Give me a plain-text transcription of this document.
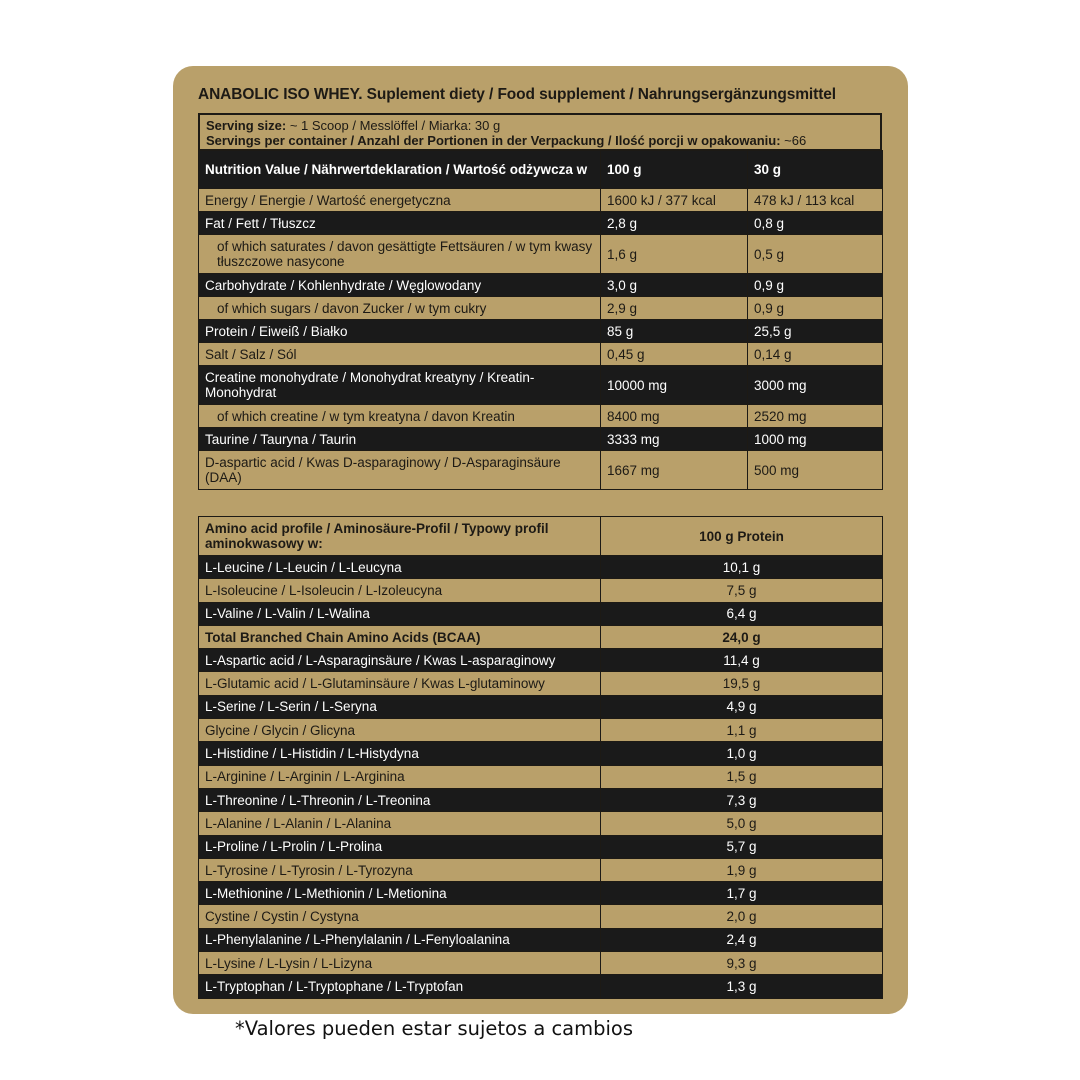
ANABOLIC ISO WHEY. Suplement diety / Food supplement / Nahrungsergänzungsmittel
Serving size: ~ 1 Scoop / Messlöffel / Miarka: 30 g
Servings per container / Anzahl der Portionen in der Verpackung / Ilość porcji w opakowaniu: ~66
Nutrition Value / Nährwertdeklaration / Wartość odżywcza w	100 g	30 g
Energy / Energie / Wartość energetyczna	1600 kJ / 377 kcal	478 kJ / 113 kcal
Fat / Fett / Tłuszcz	2,8 g	0,8 g
of which saturates / davon gesättigte Fettsäuren / w tym kwasy tłuszczowe nasycone	1,6 g	0,5 g
Carbohydrate / Kohlenhydrate / Węglowodany	3,0 g	0,9 g
of which sugars / davon Zucker / w tym cukry	2,9 g	0,9 g
Protein / Eiweiß / Białko	85 g	25,5 g
Salt / Salz / Sól	0,45 g	0,14 g
Creatine monohydrate / Monohydrat kreatyny / Kreatin-Monohydrat	10000 mg	3000 mg
of which creatine / w tym kreatyna / davon Kreatin	8400 mg	2520 mg
Taurine / Tauryna / Taurin	3333 mg	1000 mg
D-aspartic acid / Kwas D-asparaginowy / D-Asparaginsäure (DAA)	1667 mg	500 mg
Amino acid profile / Aminosäure-Profil / Typowy profil aminokwasowy w:	100 g Protein
L-Leucine / L-Leucin / L-Leucyna	10,1 g
L-Isoleucine / L-Isoleucin / L-Izoleucyna	7,5 g
L-Valine / L-Valin / L-Walina	6,4 g
Total Branched Chain Amino Acids (BCAA)	24,0 g
L-Aspartic acid / L-Asparaginsäure / Kwas L-asparaginowy	11,4 g
L-Glutamic acid / L-Glutaminsäure / Kwas L-glutaminowy	19,5 g
L-Serine / L-Serin / L-Seryna	4,9 g
Glycine / Glycin / Glicyna	1,1 g
L-Histidine / L-Histidin / L-Histydyna	1,0 g
L-Arginine / L-Arginin / L-Arginina	1,5 g
L-Threonine / L-Threonin / L-Treonina	7,3 g
L-Alanine / L-Alanin / L-Alanina	5,0 g
L-Proline / L-Prolin / L-Prolina	5,7 g
L-Tyrosine / L-Tyrosin / L-Tyrozyna	1,9 g
L-Methionine / L-Methionin / L-Metionina	1,7 g
Cystine / Cystin / Cystyna	2,0 g
L-Phenylalanine / L-Phenylalanin / L-Fenyloalanina	2,4 g
L-Lysine / L-Lysin / L-Lizyna	9,3 g
L-Tryptophan / L-Tryptophane / L-Tryptofan	1,3 g
*Valores pueden estar sujetos a cambios
